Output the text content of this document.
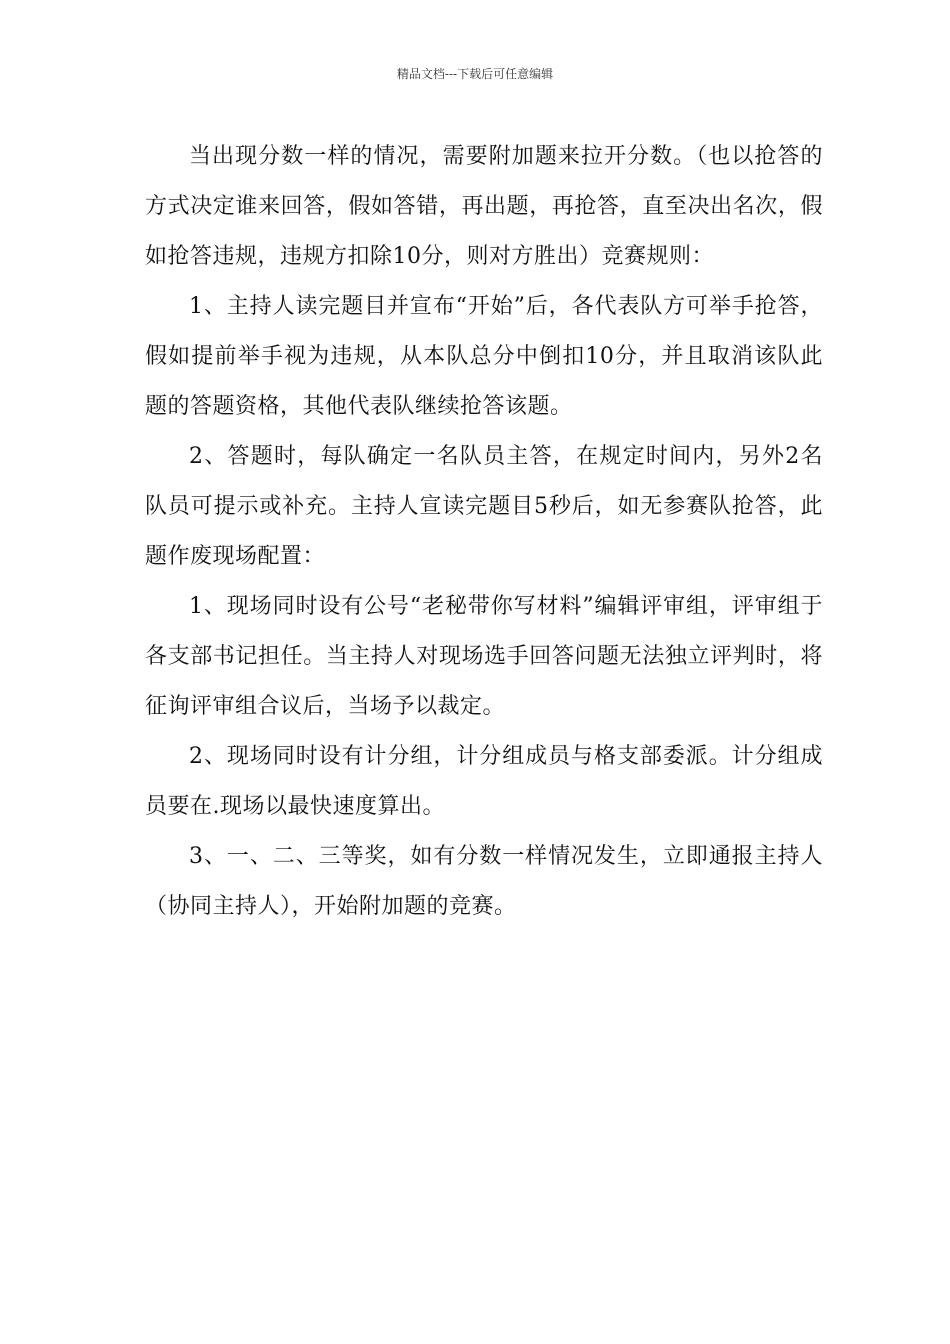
精品文档---下载后可任意编辑

当出现分数一样的情况，需要附加题来拉开分数。（也以抢答的方式决定谁来回答，假如答错，再出题，再抢答，直至决出名次，假如抢答违规，违规方扣除10分，则对方胜出）竞赛规则：

1、主持人读完题目并宣布“开始”后，各代表队方可举手抢答，假如提前举手视为违规，从本队总分中倒扣10分，并且取消该队此题的答题资格，其他代表队继续抢答该题。

2、答题时，每队确定一名队员主答，在规定时间内，另外2名队员可提示或补充。主持人宣读完题目5秒后，如无参赛队抢答，此题作废现场配置：

1、现场同时设有公号“老秘带你写材料”编辑评审组，评审组于各支部书记担任。当主持人对现场选手回答问题无法独立评判时，将征询评审组合议后，当场予以裁定。

2、现场同时设有计分组，计分组成员与格支部委派。计分组成员要在.现场以最快速度算出。

3、一、二、三等奖，如有分数一样情况发生，立即通报主持人（协同主持人），开始附加题的竞赛。
